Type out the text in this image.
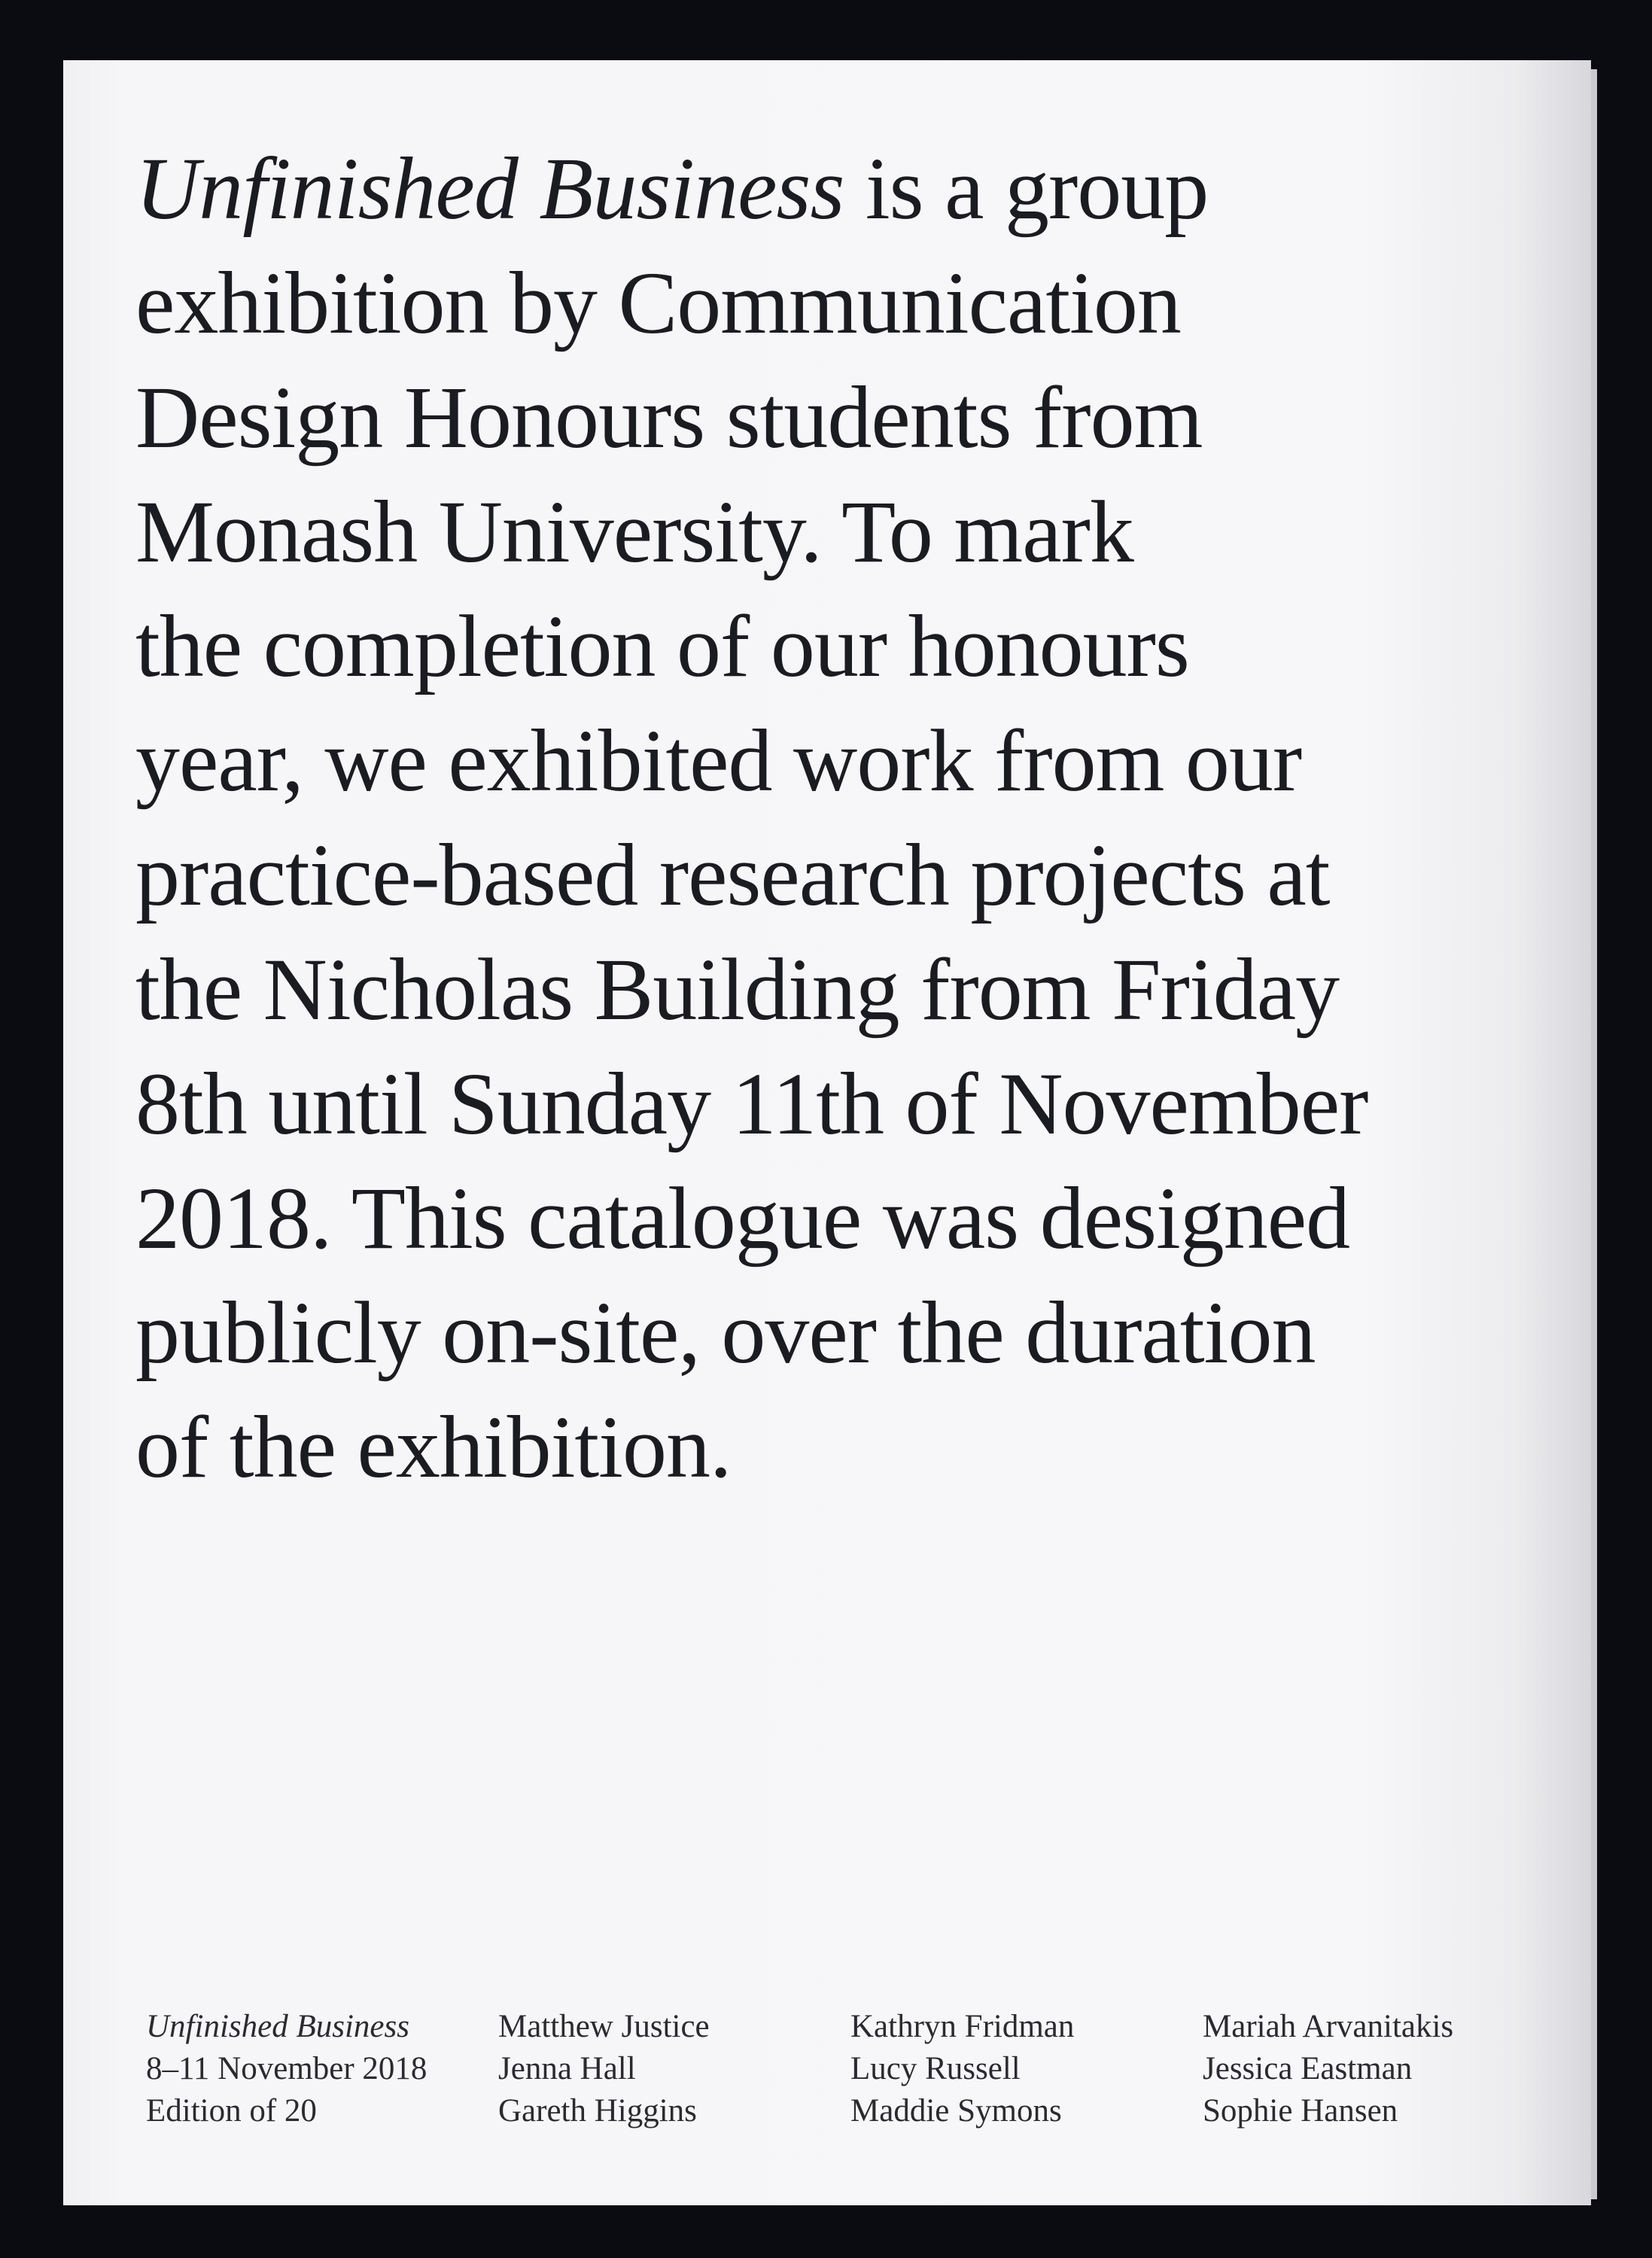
Unfinished Business is a group
exhibition by Communication
Design Honours students from
Monash University. To mark
the completion of our honours
year, we exhibited work from our
practice-based research projects at
the Nicholas Building from Friday
8th until Sunday 11th of November
2018. This catalogue was designed
publicly on-site, over the duration
of the exhibition.

Unfinished Business
8–11 November 2018
Edition of 20
Matthew Justice
Jenna Hall
Gareth Higgins
Kathryn Fridman
Lucy Russell
Maddie Symons
Mariah Arvanitakis
Jessica Eastman
Sophie Hansen
